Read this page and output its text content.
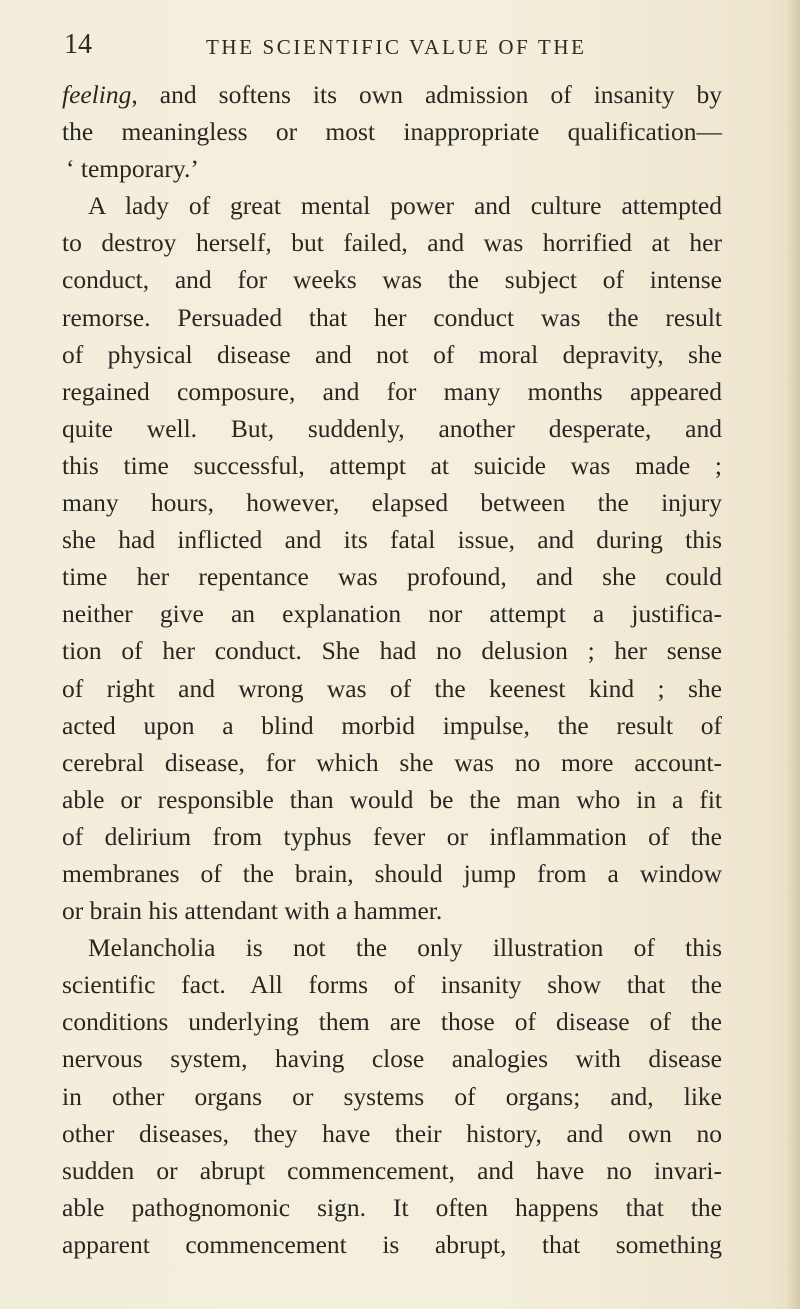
14	THE SCIENTIFIC VALUE OF THE
feeling, and softens its own admission of insanity by
the meaningless or most inappropriate qualification—
‘ temporary.’
A lady of great mental power and culture attempted
to destroy herself, but failed, and was horrified at her
conduct, and for weeks was the subject of intense
remorse. Persuaded that her conduct was the result
of physical disease and not of moral depravity, she
regained composure, and for many months appeared
quite well. But, suddenly, another desperate, and
this time successful, attempt at suicide was made ;
many hours, however, elapsed between the injury
she had inflicted and its fatal issue, and during this
time her repentance was profound, and she could
neither give an explanation nor attempt a justifica-
tion of her conduct. She had no delusion ; her sense
of right and wrong was of the keenest kind ; she
acted upon a blind morbid impulse, the result of
cerebral disease, for which she was no more account-
able or responsible than would be the man who in a fit
of delirium from typhus fever or inflammation of the
membranes of the brain, should jump from a window
or brain his attendant with a hammer.
Melancholia is not the only illustration of this
scientific fact. All forms of insanity show that the
conditions underlying them are those of disease of the
nervous system, having close analogies with disease
in other organs or systems of organs; and, like
other diseases, they have their history, and own no
sudden or abrupt commencement, and have no invari-
able pathognomonic sign. It often happens that the
apparent commencement is abrupt, that something
